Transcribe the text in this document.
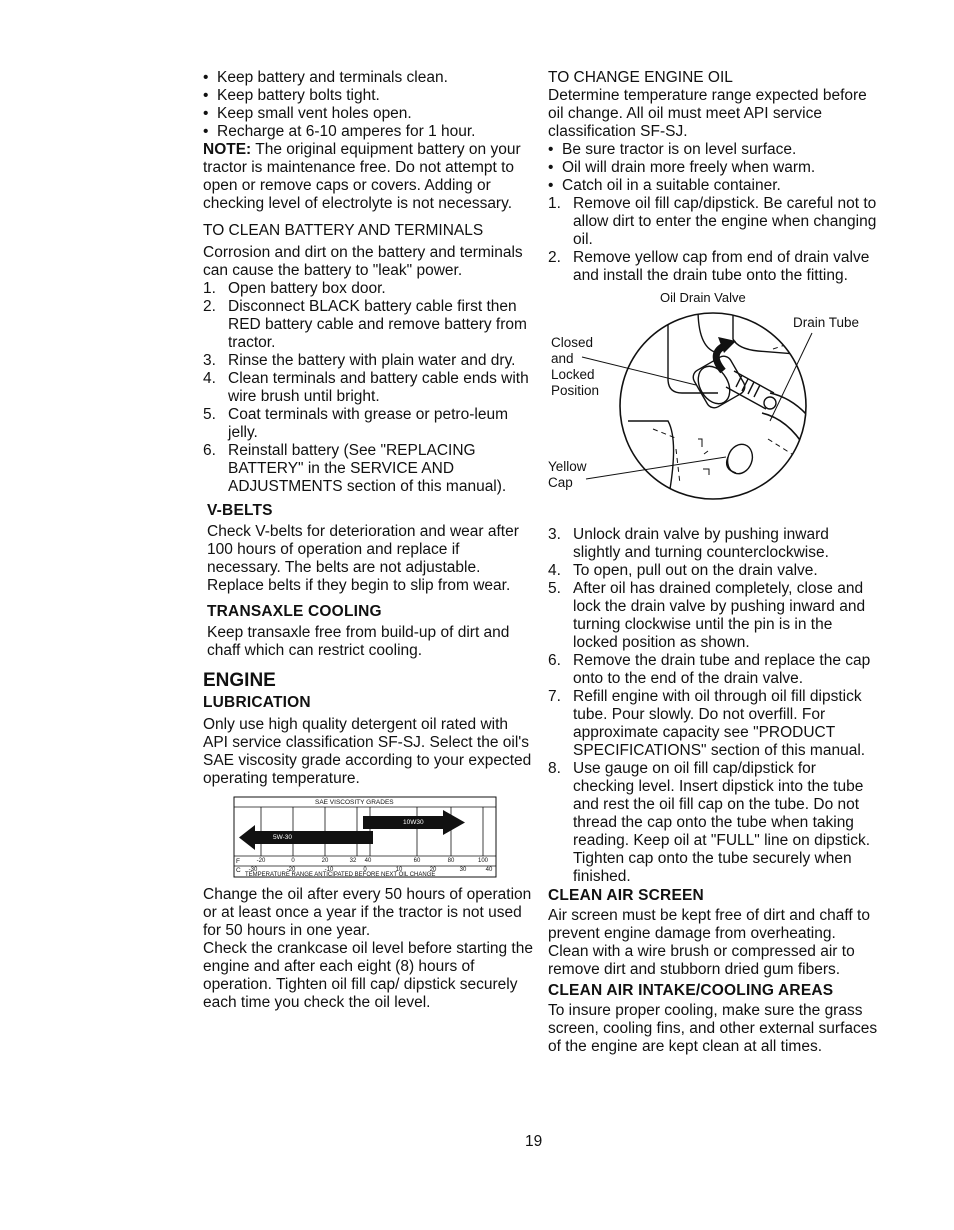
• Keep battery and terminals clean.
• Keep battery bolts tight.
• Keep small vent holes open.
• Recharge at 6-10 amperes for 1 hour.

NOTE: The original equipment battery on your tractor is maintenance free. Do not attempt to open or remove caps or covers. Adding or checking level of electrolyte is not necessary.

TO CLEAN BATTERY AND TERMINALS

Corrosion and dirt on the battery and terminals can cause the battery to "leak" power.

1. Open battery box door.
2. Disconnect BLACK battery cable first then RED battery cable and remove battery from tractor.
3. Rinse the battery with plain water and dry.
4. Clean terminals and battery cable ends with wire brush until bright.
5. Coat terminals with grease or petro-leum jelly.
6. Reinstall battery (See "REPLACING BATTERY" in the SERVICE AND ADJUSTMENTS section of this manual).

V-BELTS

Check V-belts for deterioration and wear after 100 hours of operation and replace if necessary. The belts are not adjustable. Replace belts if they begin to slip from wear.

TRANSAXLE COOLING

Keep transaxle free from build-up of dirt and chaff which can restrict cooling.

ENGINE

LUBRICATION

Only use high quality detergent oil rated with API service classification SF-SJ. Select the oil's SAE viscosity grade according to your expected operating temperature.

SAE VISCOSITY GRADES
5W-30
10W30
F	-20	0	20	32 40	60	80	100
C -30	-20	-10	0	10	20	30	40
TEMPERATURE RANGE ANTICIPATED BEFORE NEXT OIL CHANGE

Change the oil after every 50 hours of operation or at least once a year if the tractor is not used for 50 hours in one year.

Check the crankcase oil level before starting the engine and after each eight (8) hours of operation. Tighten oil fill cap/ dipstick securely each time you check the oil level.

TO CHANGE ENGINE OIL

Determine temperature range expected before oil change. All oil must meet API service classification SF-SJ.

• Be sure tractor is on level surface.
• Oil will drain more freely when warm.
• Catch oil in a suitable container.
1. Remove oil fill cap/dipstick. Be careful not to allow dirt to enter the engine when changing oil.
2. Remove yellow cap from end of drain valve and install the drain tube onto the fitting.
Oil Drain Valve
Drain Tube
Closed
and
Locked
Position
Yellow
Cap
3. Unlock drain valve by pushing inward slightly and turning counterclockwise.
4. To open, pull out on the drain valve.
5. After oil has drained completely, close and lock the drain valve by pushing inward and turning clockwise until the pin is in the locked position as shown.
6. Remove the drain tube and replace the cap onto to the end of the drain valve.
7. Refill engine with oil through oil fill dipstick tube. Pour slowly. Do not overfill. For approximate capacity see "PRODUCT SPECIFICATIONS" section of this manual.
8. Use gauge on oil fill cap/dipstick for checking level. Insert dipstick into the tube and rest the oil fill cap on the tube. Do not thread the cap onto the tube when taking reading. Keep oil at "FULL" line on dipstick. Tighten cap onto the tube securely when finished.

CLEAN AIR SCREEN

Air screen must be kept free of dirt and chaff to prevent engine damage from overheating. Clean with a wire brush or compressed air to remove dirt and stubborn dried gum fibers.

CLEAN AIR INTAKE/COOLING AREAS

To insure proper cooling, make sure the grass screen, cooling fins, and other external surfaces of the engine are kept clean at all times.

19
